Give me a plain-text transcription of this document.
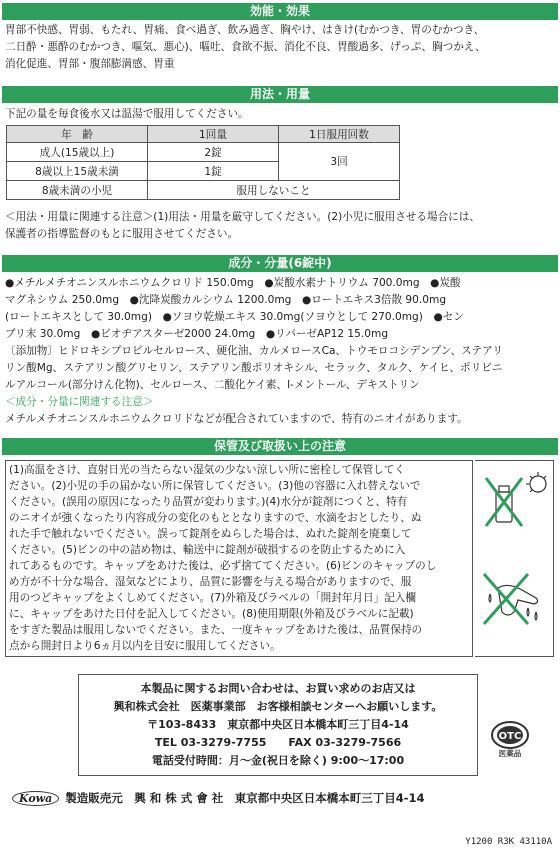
効能・効果
胃部不快感、胃弱、もたれ、胃痛、食べ過ぎ、飲み過ぎ、胸やけ、はきけ(むかつき、胃のむかつき、
二日酔・悪酔のむかつき、嘔気、悪心)、嘔吐、食欲不振、消化不良、胃酸過多、げっぷ、胸つかえ、
消化促進、胃部・腹部膨満感、胃重
用法・用量
下記の量を毎食後水又は温湯で服用してください。
年　齢	1回量	1日服用回数
成人(15歳以上)	2錠	3回
8歳以上15歳未満	1錠	
8歳未満の小児	服用しないこと	
＜用法・用量に関連する注意＞(1)用法・用量を厳守してください。(2)小児に服用させる場合には、
保護者の指導監督のもとに服用させてください。
成分・分量(6錠中)
●メチルメチオニンスルホニウムクロリド 150.0mg　●炭酸水素ナトリウム 700.0mg　●炭酸
マグネシウム 250.0mg　●沈降炭酸カルシウム 1200.0mg　●ロートエキス3倍散 90.0mg
(ロートエキスとして 30.0mg)　●ソヨウ乾燥エキス 30.0mg(ソヨウとして 270.0mg)　●セン
ブリ末 30.0mg　●ビオヂアスターゼ2000 24.0mg　●リパーゼAP12 15.0mg
〔添加物〕ヒドロキシプロピルセルロース、硬化油、カルメロースCa、トウモロコシデンプン、ステアリ
リン酸Mg、ステアリン酸グリセリン、ステアリン酸ポリオキシル、セラック、タルク、ケイヒ、ポリビニ
ルアルコール(部分けん化物)、セルロース、二酸化ケイ素、l-メントール、デキストリン
＜成分・分量に関連する注意＞
メチルメチオニンスルホニウムクロリドなどが配合されていますので、特有のニオイがあります。
保管及び取扱い上の注意
(1)高温をさけ、直射日光の当たらない湿気の少ない涼しい所に密栓して保管してく
ださい。(2)小児の手の届かない所に保管してください。(3)他の容器に入れ替えないで
ください。(誤用の原因になったり品質が変わります。)(4)水分が錠剤につくと、特有
のニオイが強くなったり内容成分の変化のもととなりますので、水滴をおとしたり、ぬ
れた手で触れないでください。誤って錠剤をぬらした場合は、ぬれた錠剤を廃棄して
ください。(5)ビンの中の詰め物は、輸送中に錠剤が破損するのを防止するために入
れてあるものです。キャップをあけた後は、必ず捨ててください。(6)ビンのキャップのし
め方が不十分な場合、湿気などにより、品質に影響を与える場合がありますので、服
用のつどキャップをよくしめてください。(7)外箱及びラベルの「開封年月日」記入欄
に、キャップをあけた日付を記入してください。(8)使用期限(外箱及びラベルに記載)
をすぎた製品は服用しないでください。また、一度キャップをあけた後は、品質保持の
点から開封日より6ヵ月以内を目安に服用してください。
本製品に関するお問い合わせは、お買い求めのお店又は
興和株式会社　医薬事業部　お客様相談センターへお願いします。
〒103-8433　東京都中央区日本橋本町三丁目4-14
TEL 03-3279-7755　　FAX 03-3279-7566
電話受付時間：月～金(祝日を除く) 9:00～17:00
OTC
医薬品
Kowa 製造販売元　興 和 株 式 會 社　東京都中央区日本橋本町三丁目4-14
Y1200 R3K 43110A
